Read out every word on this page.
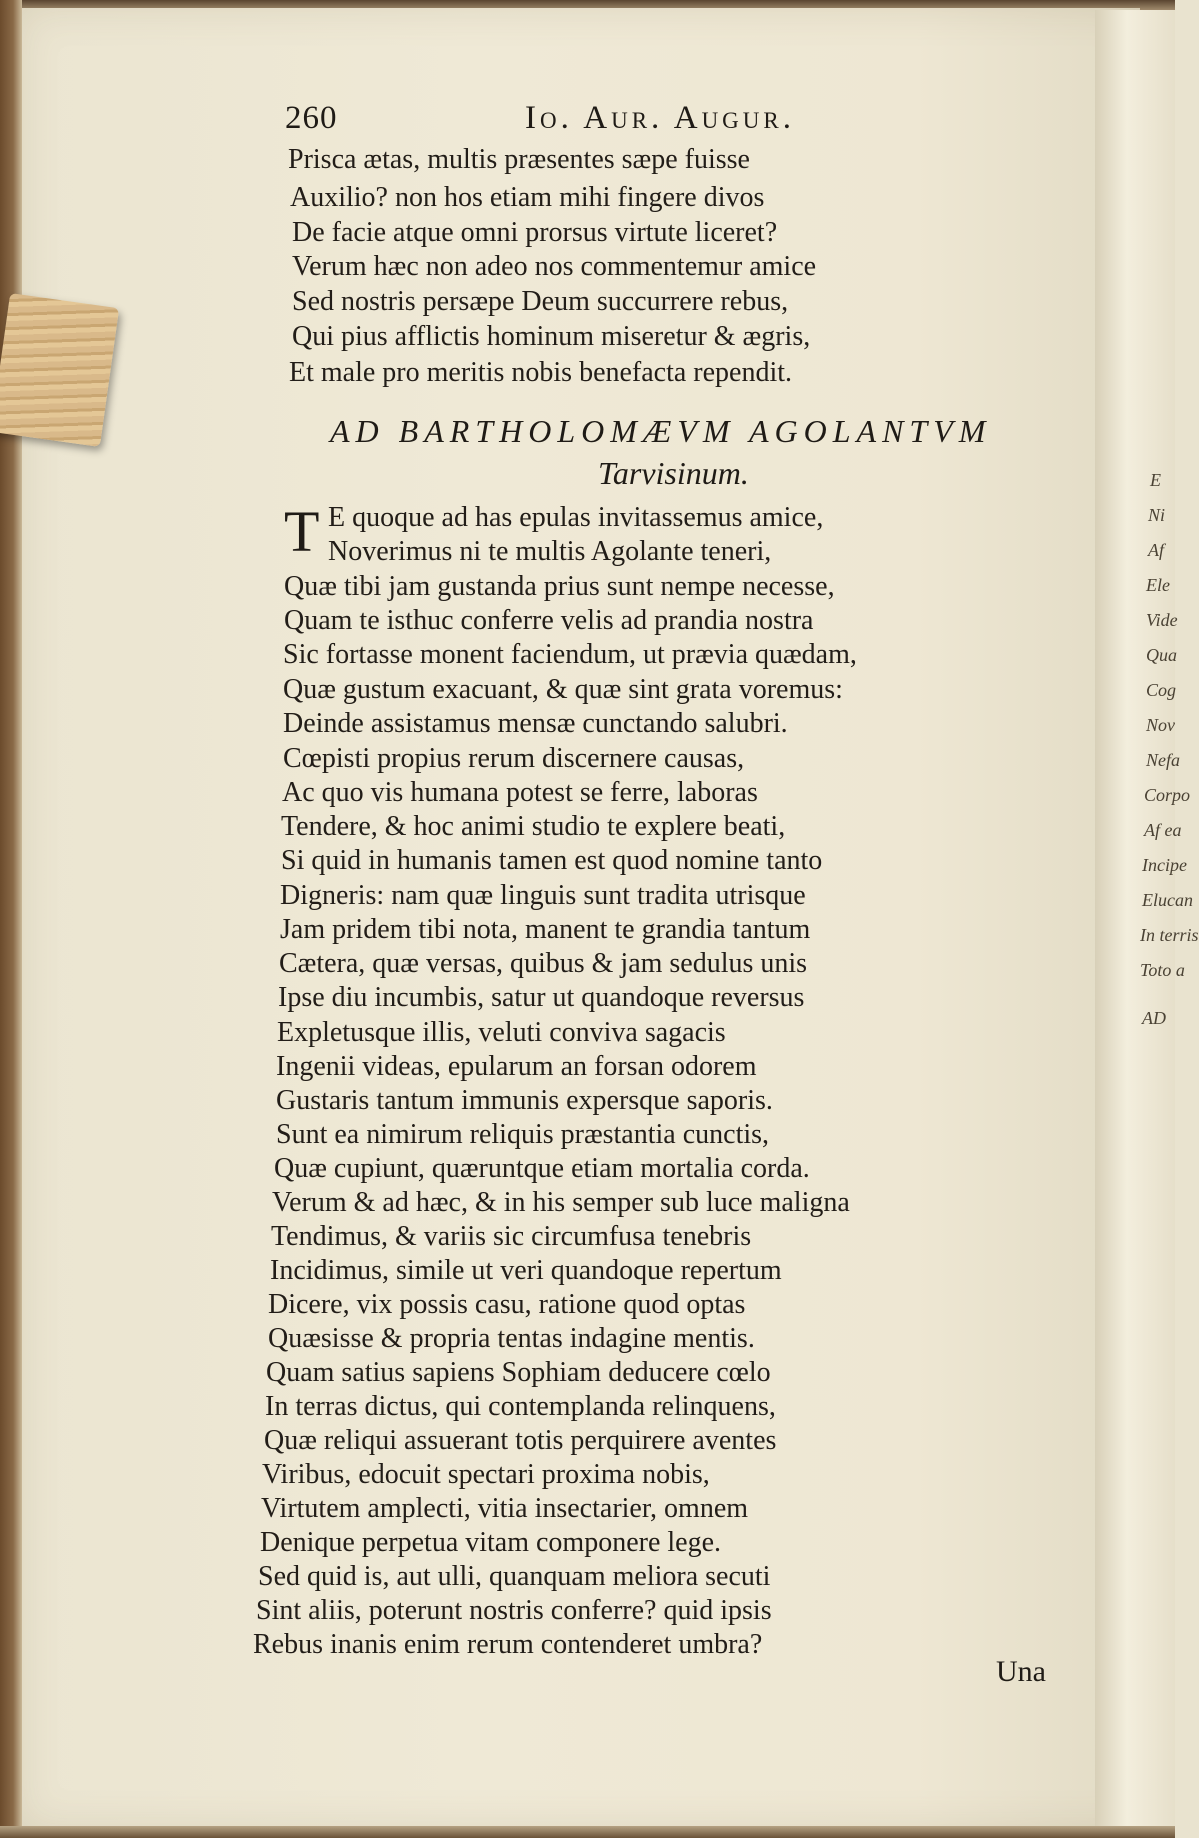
260	Io. Aur. Augur.
Prisca ætas, multis præsentes sæpe fuisse
Auxilio? non hos etiam mihi fingere divos
De facie atque omni prorsus virtute liceret?
Verum hæc non adeo nos commentemur amice
Sed nostris persæpe Deum succurrere rebus,
Qui pius afflictis hominum miseretur & ægris,
Et male pro meritis nobis benefacta rependit.
AD BARTHOLOMÆVM AGOLANTVM
Tarvisinum.
T E quoque ad has epulas invitassemus amice,
Noverimus ni te multis Agolante teneri,
Quæ tibi jam gustanda prius sunt nempe necesse,
Quam te isthuc conferre velis ad prandia nostra
Sic fortasse monent faciendum, ut prævia quædam,
Quæ gustum exacuant, & quæ sint grata voremus:
Deinde assistamus mensæ cunctando salubri.
Cœpisti propius rerum discernere causas,
Ac quo vis humana potest se ferre, laboras
Tendere, & hoc animi studio te explere beati,
Si quid in humanis tamen est quod nomine tanto
Digneris: nam quæ linguis sunt tradita utrisque
Jam pridem tibi nota, manent te grandia tantum
Cætera, quæ versas, quibus & jam sedulus unis
Ipse diu incumbis, satur ut quandoque reversus
Expletusque illis, veluti conviva sagacis
Ingenii videas, epularum an forsan odorem
Gustaris tantum immunis expersque saporis.
Sunt ea nimirum reliquis præstantia cunctis,
Quæ cupiunt, quæruntque etiam mortalia corda.
Verum & ad hæc, & in his semper sub luce maligna
Tendimus, & variis sic circumfusa tenebris
Incidimus, simile ut veri quandoque repertum
Dicere, vix possis casu, ratione quod optas
Quæsisse & propria tentas indagine mentis.
Quam satius sapiens Sophiam deducere cœlo
In terras dictus, qui contemplanda relinquens,
Quæ reliqui assuerant totis perquirere aventes
Viribus, edocuit spectari proxima nobis,
Virtutem amplecti, vitia insectarier, omnem
Denique perpetua vitam componere lege.
Sed quid is, aut ulli, quanquam meliora secuti
Sint aliis, poterunt nostris conferre? quid ipsis
Rebus inanis enim rerum contenderet umbra?
Una
E
Ni
Af
Ele
Vide
Qua
Cog
Nov
Nefa
Corpo
Af ea
Incipe
Elucan
In terris
Toto a
AD
